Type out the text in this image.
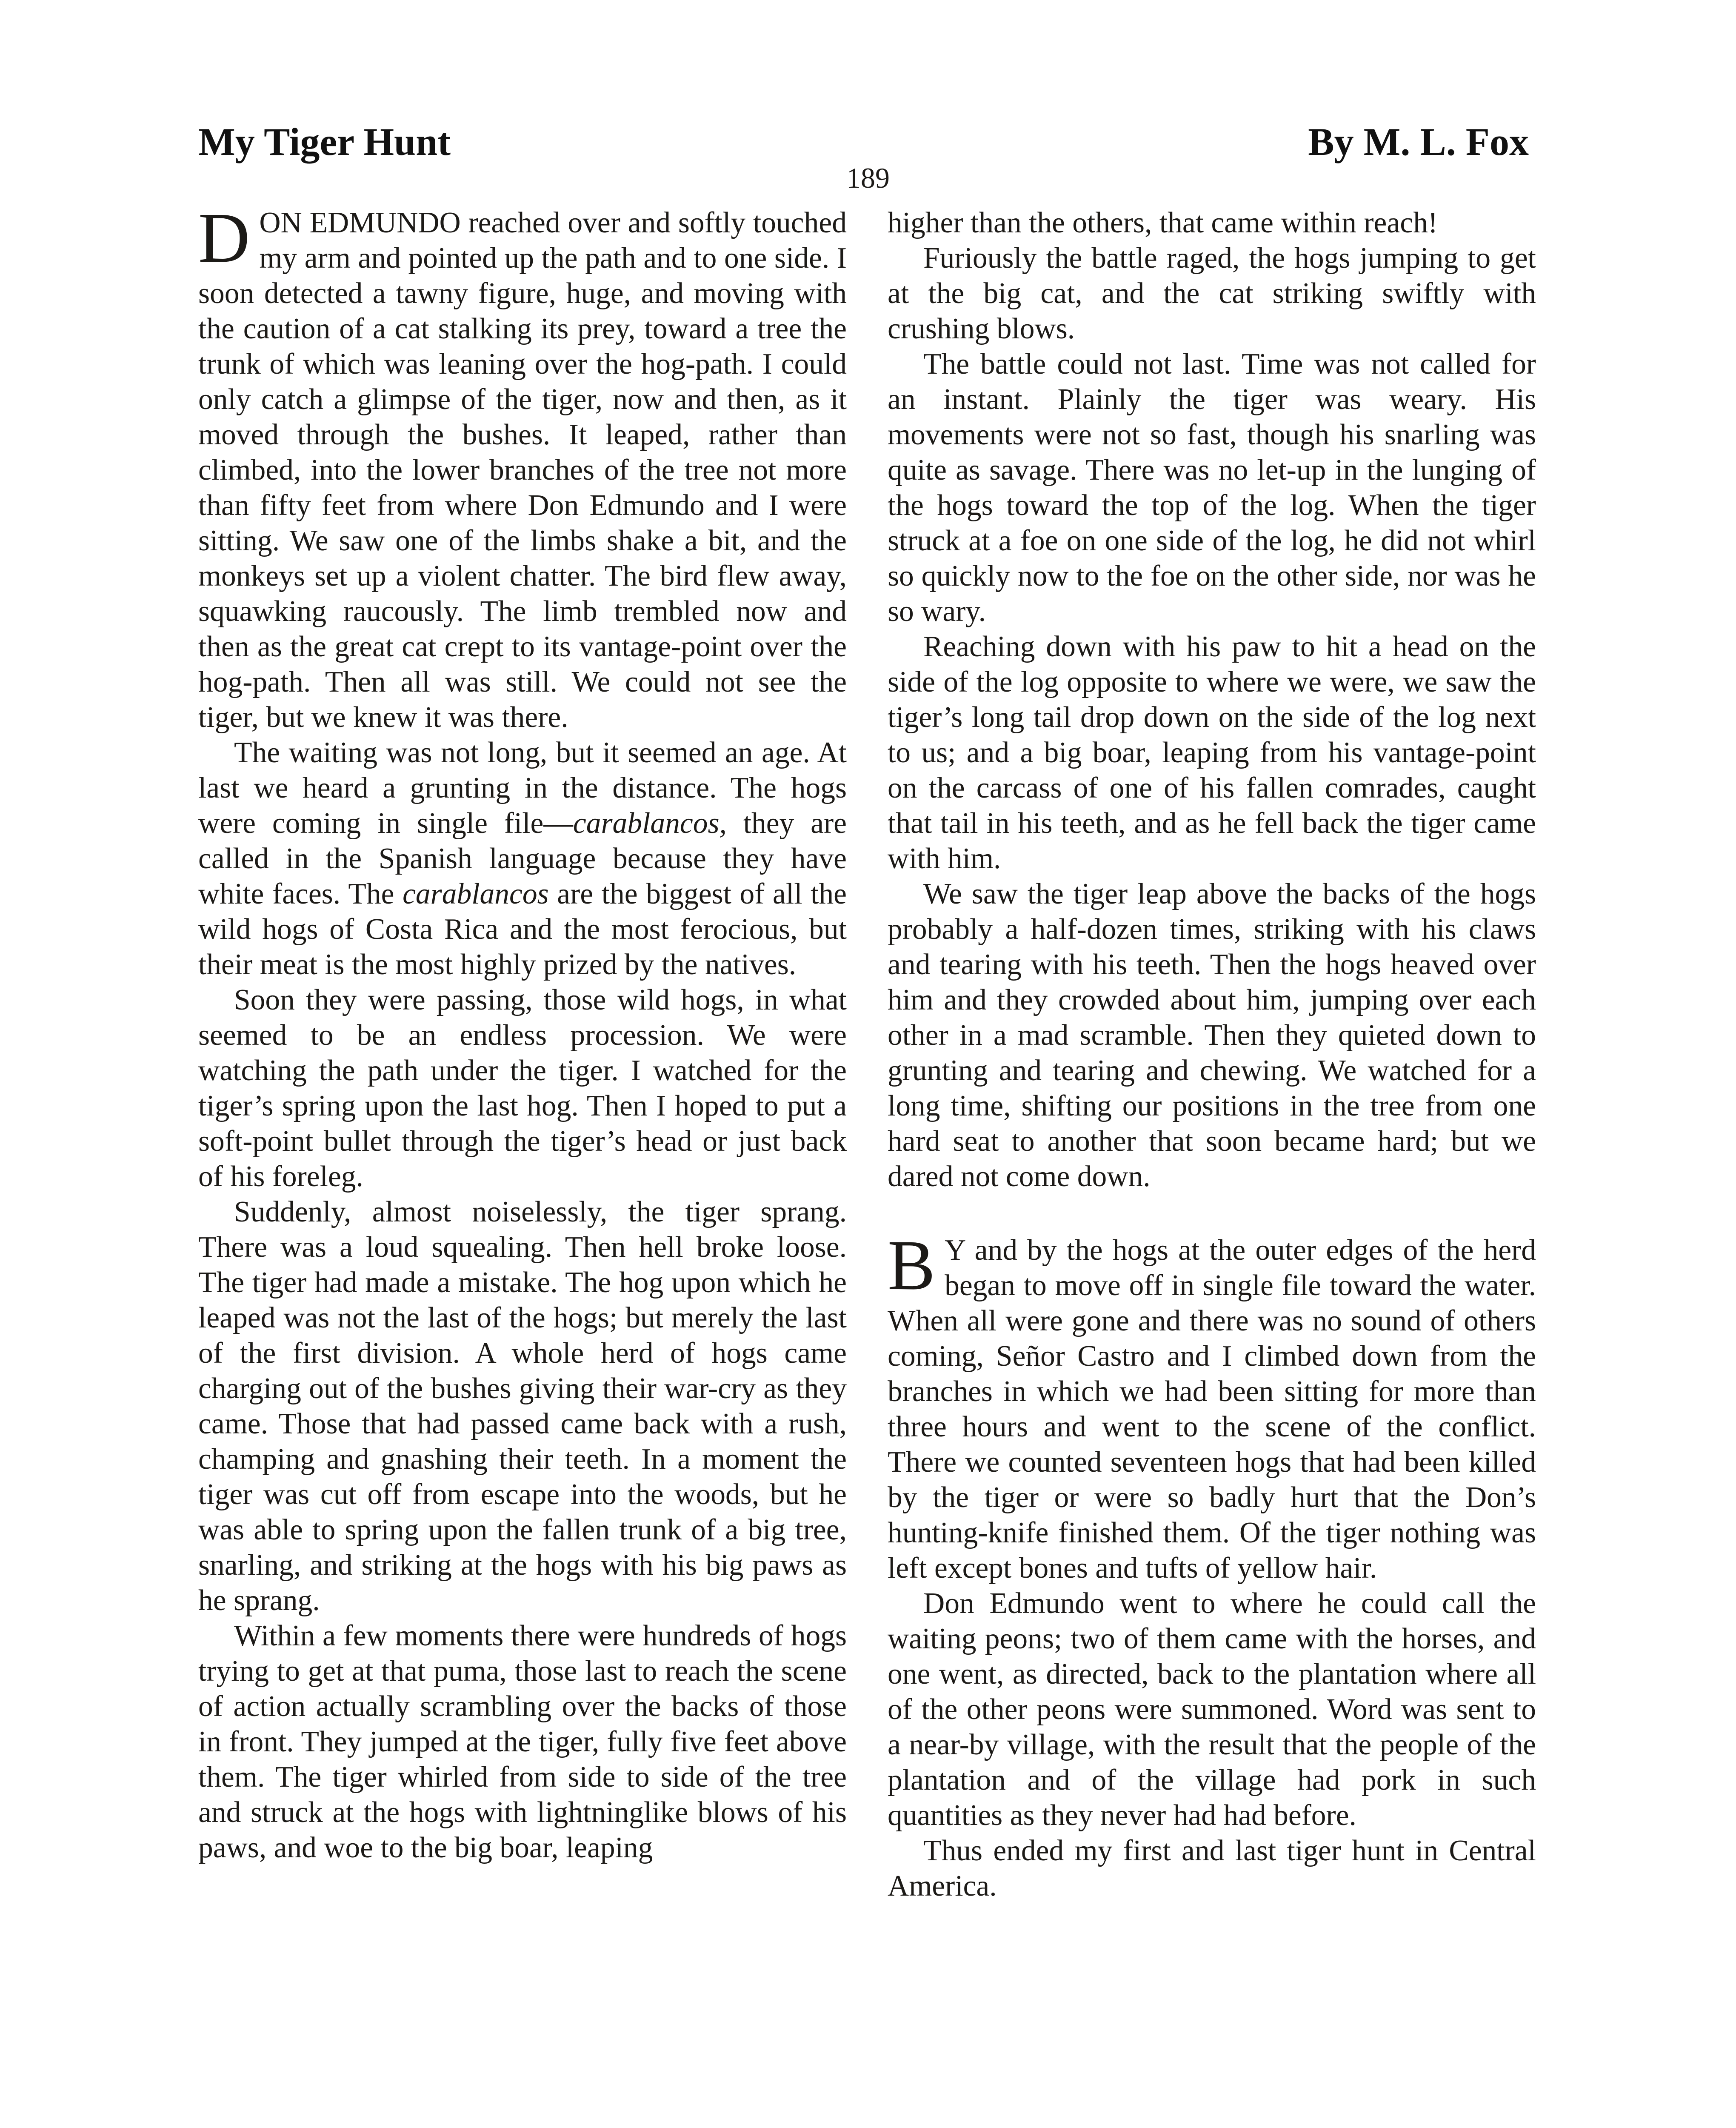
My Tiger Hunt	By M. L. Fox
189

DON EDMUNDO reached over and softly touched my arm and pointed up the path and to one side. I soon detected a tawny figure, huge, and moving with the caution of a cat stalking its prey, toward a tree the trunk of which was leaning over the hog-path. I could only catch a glimpse of the tiger, now and then, as it moved through the bushes. It leaped, rather than climbed, into the lower branches of the tree not more than fifty feet from where Don Edmundo and I were sitting. We saw one of the limbs shake a bit, and the monkeys set up a violent chatter. The bird flew away, squawking raucously. The limb trembled now and then as the great cat crept to its vantage-point over the hog-path. Then all was still. We could not see the tiger, but we knew it was there.

The waiting was not long, but it seemed an age. At last we heard a grunting in the distance. The hogs were coming in single file—carablancos, they are called in the Spanish language because they have white faces. The carablancos are the biggest of all the wild hogs of Costa Rica and the most ferocious, but their meat is the most highly prized by the natives.

Soon they were passing, those wild hogs, in what seemed to be an endless procession. We were watching the path under the tiger. I watched for the tiger’s spring upon the last hog. Then I hoped to put a soft-point bullet through the tiger’s head or just back of his foreleg.

Suddenly, almost noiselessly, the tiger sprang. There was a loud squealing. Then hell broke loose. The tiger had made a mistake. The hog upon which he leaped was not the last of the hogs; but merely the last of the first division. A whole herd of hogs came charging out of the bushes giving their war-cry as they came. Those that had passed came back with a rush, champing and gnashing their teeth. In a moment the tiger was cut off from escape into the woods, but he was able to spring upon the fallen trunk of a big tree, snarling, and striking at the hogs with his big paws as he sprang.

Within a few moments there were hundreds of hogs trying to get at that puma, those last to reach the scene of action actually scrambling over the backs of those in front. They jumped at the tiger, fully five feet above them. The tiger whirled from side to side of the tree and struck at the hogs with lightninglike blows of his paws, and woe to the big boar, leaping

higher than the others, that came within reach!

Furiously the battle raged, the hogs jumping to get at the big cat, and the cat striking swiftly with crushing blows.

The battle could not last. Time was not called for an instant. Plainly the tiger was weary. His movements were not so fast, though his snarling was quite as savage. There was no let-up in the lunging of the hogs toward the top of the log. When the tiger struck at a foe on one side of the log, he did not whirl so quickly now to the foe on the other side, nor was he so wary.

Reaching down with his paw to hit a head on the side of the log opposite to where we were, we saw the tiger’s long tail drop down on the side of the log next to us; and a big boar, leaping from his vantage-point on the carcass of one of his fallen comrades, caught that tail in his teeth, and as he fell back the tiger came with him.

We saw the tiger leap above the backs of the hogs probably a half-dozen times, striking with his claws and tearing with his teeth. Then the hogs heaved over him and they crowded about him, jumping over each other in a mad scramble. Then they quieted down to grunting and tearing and chewing. We watched for a long time, shifting our positions in the tree from one hard seat to another that soon became hard; but we dared not come down.

B Y and by the hogs at the outer edges of the herd began to move off in single file toward the water. When all were gone and there was no sound of others coming, Señor Castro and I climbed down from the branches in which we had been sitting for more than three hours and went to the scene of the conflict. There we counted seventeen hogs that had been killed by the tiger or were so badly hurt that the Don’s hunting-knife finished them. Of the tiger nothing was left except bones and tufts of yellow hair.

Don Edmundo went to where he could call the waiting peons; two of them came with the horses, and one went, as directed, back to the plantation where all of the other peons were summoned. Word was sent to a near-by village, with the result that the people of the plantation and of the village had pork in such quantities as they never had had before.

Thus ended my first and last tiger hunt in Central America.
